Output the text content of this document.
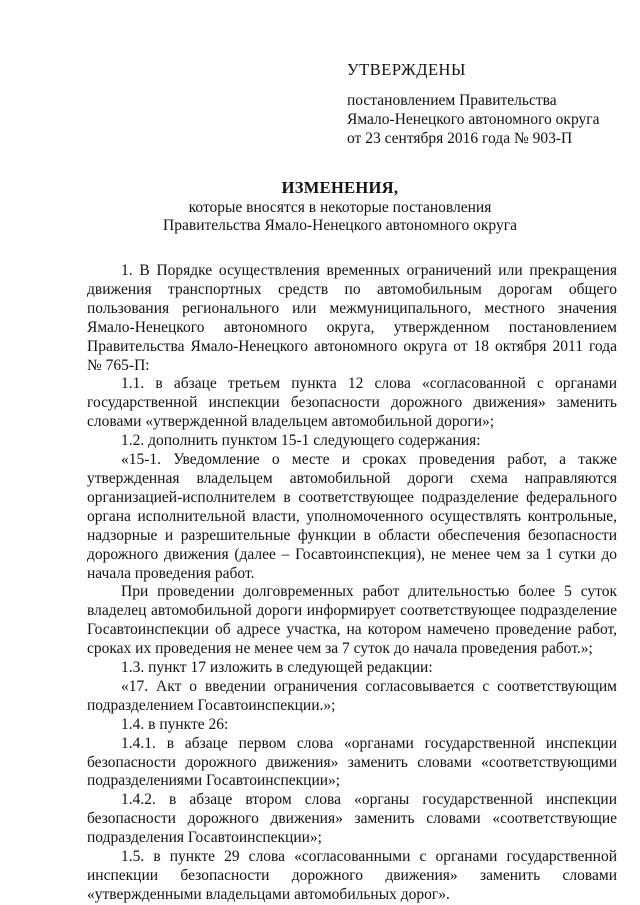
УТВЕРЖДЕНЫ
постановлением Правительства
Ямало-Ненецкого автономного округа
от 23 сентября 2016 года № 903-П
ИЗМЕНЕНИЯ,
которые вносятся в некоторые постановления
Правительства Ямало-Ненецкого автономного округа

1. В Порядке осуществления временных ограничений или прекращения движения транспортных средств по автомобильным дорогам общего пользования регионального или межмуниципального, местного значения Ямало-Ненецкого автономного округа, утвержденном постановлением Правительства Ямало-Ненецкого автономного округа от 18 октября 2011 года № 765-П:

1.1. в абзаце третьем пункта 12 слова «согласованной с органами государственной инспекции безопасности дорожного движения» заменить словами «утвержденной владельцем автомобильной дороги»;

1.2. дополнить пунктом 15-1 следующего содержания:

«15-1. Уведомление о месте и сроках проведения работ, а также утвержденная владельцем автомобильной дороги схема направляются организацией-исполнителем в соответствующее подразделение федерального органа исполнительной власти, уполномоченного осуществлять контрольные, надзорные и разрешительные функции в области обеспечения безопасности дорожного движения (далее – Госавтоинспекция), не менее чем за 1 сутки до начала проведения работ.

При проведении долговременных работ длительностью более 5 суток владелец автомобильной дороги информирует соответствующее подразделение Госавтоинспекции об адресе участка, на котором намечено проведение работ, сроках их проведения не менее чем за 7 суток до начала проведения работ.»;

1.3. пункт 17 изложить в следующей редакции:

«17. Акт о введении ограничения согласовывается с соответствующим подразделением Госавтоинспекции.»;

1.4. в пункте 26:

1.4.1. в абзаце первом слова «органами государственной инспекции безопасности дорожного движения» заменить словами «соответствующими подразделениями Госавтоинспекции»;

1.4.2. в абзаце втором слова «органы государственной инспекции безопасности дорожного движения» заменить словами «соответствующие подразделения Госавтоинспекции»;

1.5. в пункте 29 слова «согласованными с органами государственной инспекции безопасности дорожного движения» заменить словами «утвержденными владельцами автомобильных дорог».
